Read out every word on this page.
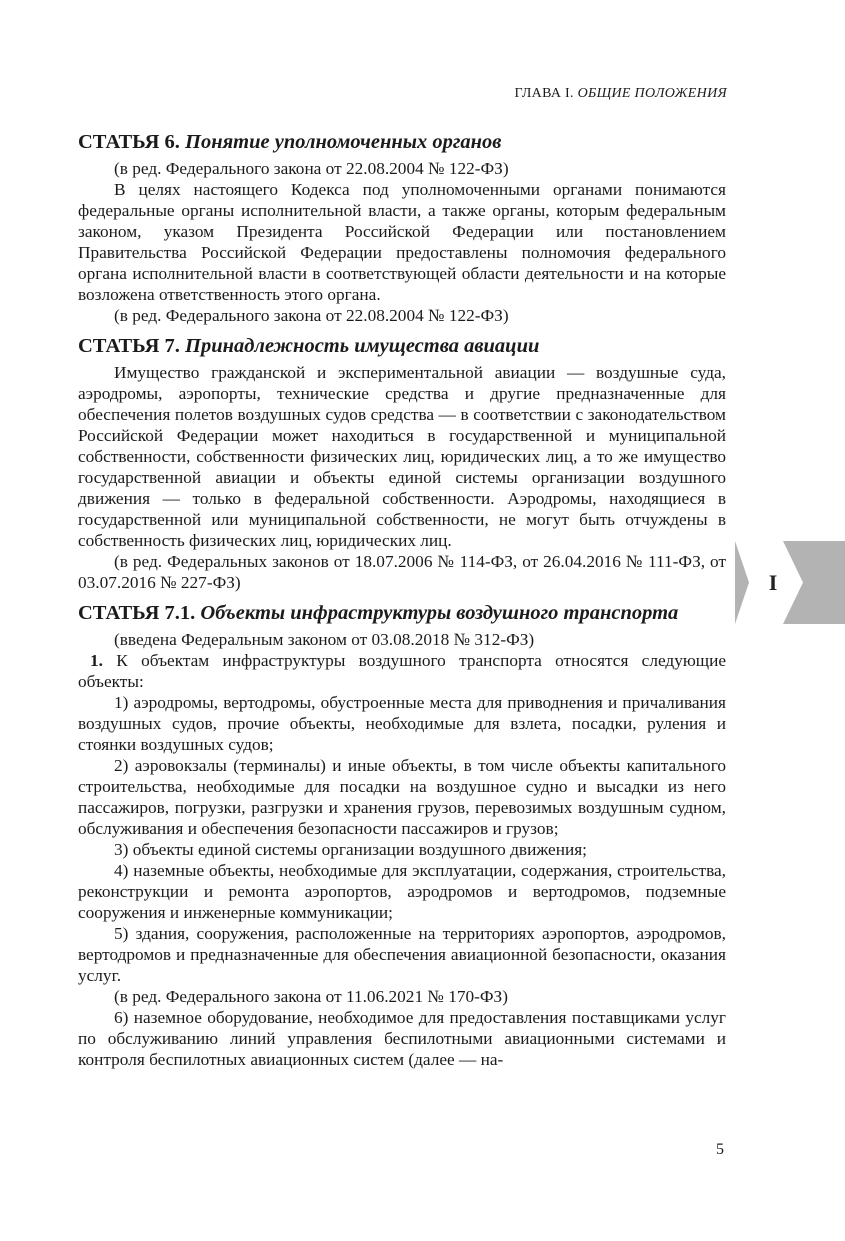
ГЛАВА I. ОБЩИЕ ПОЛОЖЕНИЯ
СТАТЬЯ 6. Понятие уполномоченных органов

(в ред. Федерального закона от 22.08.2004 № 122-ФЗ)

В целях настоящего Кодекса под уполномоченными органами понимаются федеральные органы исполнительной власти, а также органы, которым федеральным законом, указом Президента Российской Федерации или постановлением Правительства Российской Федерации предоставлены полномочия федерального органа исполнительной власти в соответствующей области деятельности и на которые возложена ответственность этого органа.

(в ред. Федерального закона от 22.08.2004 № 122-ФЗ)

СТАТЬЯ 7. Принадлежность имущества авиации

Имущество гражданской и экспериментальной авиации — воздушные суда, аэродромы, аэропорты, технические средства и другие предназначенные для обеспечения полетов воздушных судов средства — в соответствии с законодательством Российской Федерации может находиться в государственной и муниципальной собственности, собственности физических лиц, юридических лиц, а то же имущество государственной авиации и объекты единой системы организации воздушного движения — только в федеральной собственности. Аэродромы, находящиеся в государственной или муниципальной собственности, не могут быть отчуждены в собственность физических лиц, юридических лиц.

(в ред. Федеральных законов от 18.07.2006 № 114-ФЗ, от 26.04.2016 № 111-ФЗ, от 03.07.2016 № 227-ФЗ)

СТАТЬЯ 7.1. Объекты инфраструктуры воздушного транспорта

(введена Федеральным законом от 03.08.2018 № 312-ФЗ)

1. К объектам инфраструктуры воздушного транспорта относятся следующие объекты:

1) аэродромы, вертодромы, обустроенные места для приводнения и причаливания воздушных судов, прочие объекты, необходимые для взлета, посадки, руления и стоянки воздушных судов;

2) аэровокзалы (терминалы) и иные объекты, в том числе объекты капитального строительства, необходимые для посадки на воздушное судно и высадки из него пассажиров, погрузки, разгрузки и хранения грузов, перевозимых воздушным судном, обслуживания и обеспечения безопасности пассажиров и грузов;

3) объекты единой системы организации воздушного движения;

4) наземные объекты, необходимые для эксплуатации, содержания, строительства, реконструкции и ремонта аэропортов, аэродромов и вертодромов, подземные сооружения и инженерные коммуникации;

5) здания, сооружения, расположенные на территориях аэропортов, аэродромов, вертодромов и предназначенные для обеспечения авиационной безопасности, оказания услуг.

(в ред. Федерального закона от 11.06.2021 № 170-ФЗ)

6) наземное оборудование, необходимое для предоставления поставщиками услуг по обслуживанию линий управления беспилотными авиационными системами и контроля беспилотных авиационных систем (далее — на-

I
5
